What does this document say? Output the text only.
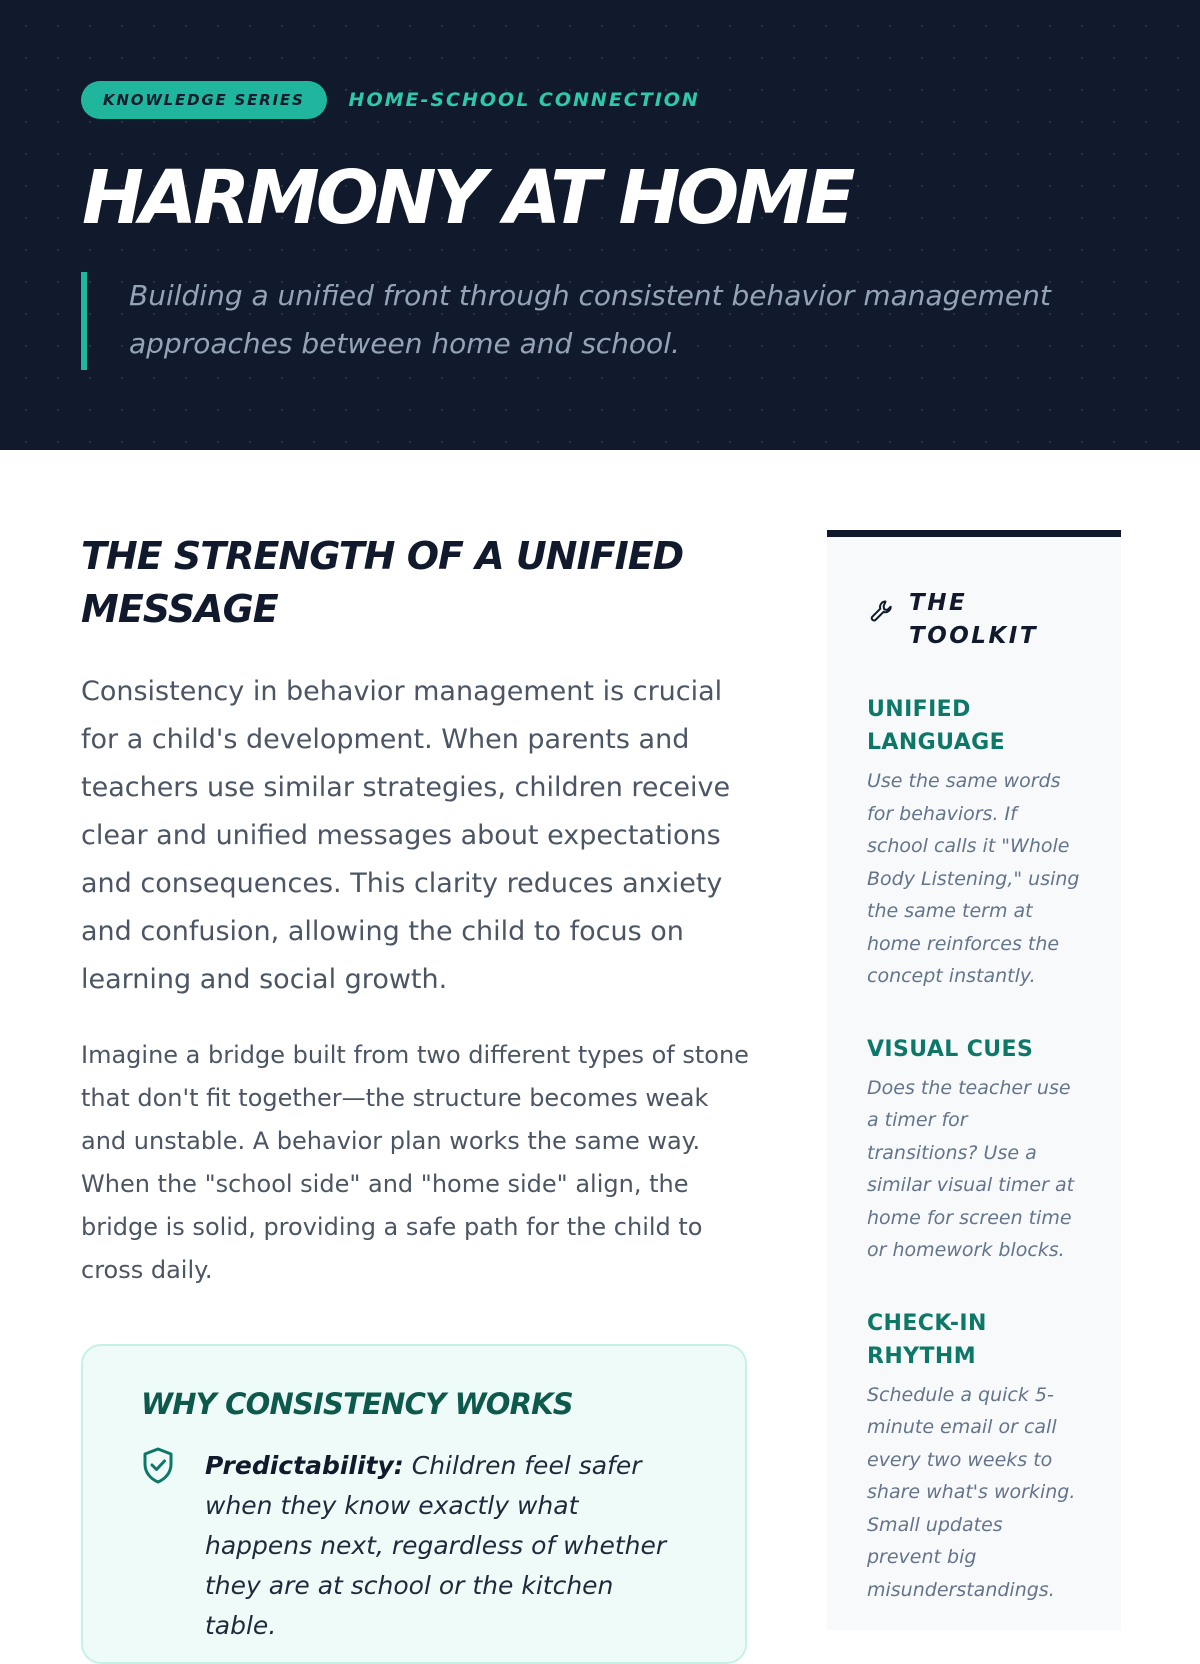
KNOWLEDGE SERIES	HOME-SCHOOL CONNECTION
HARMONY AT HOME

Building a unified front through consistent behavior management approaches between home and school.

THE STRENGTH OF A UNIFIED MESSAGE

Consistency in behavior management is crucial for a child's development. When parents and teachers use similar strategies, children receive clear and unified messages about expectations and consequences. This clarity reduces anxiety and confusion, allowing the child to focus on learning and social growth.

Imagine a bridge built from two different types of stone that don't fit together—the structure becomes weak and unstable. A behavior plan works the same way. When the "school side" and "home side" align, the bridge is solid, providing a safe path for the child to cross daily.

WHY CONSISTENCY WORKS

Predictability: Children feel safer when they know exactly what happens next, regardless of whether they are at school or the kitchen table.

THE TOOLKIT
UNIFIED LANGUAGE

Use the same words for behaviors. If school calls it "Whole Body Listening," using the same term at home reinforces the concept instantly.

VISUAL CUES

Does the teacher use a timer for transitions? Use a similar visual timer at home for screen time or homework blocks.

CHECK-IN RHYTHM

Schedule a quick 5-minute email or call every two weeks to share what's working. Small updates prevent big misunderstandings.
